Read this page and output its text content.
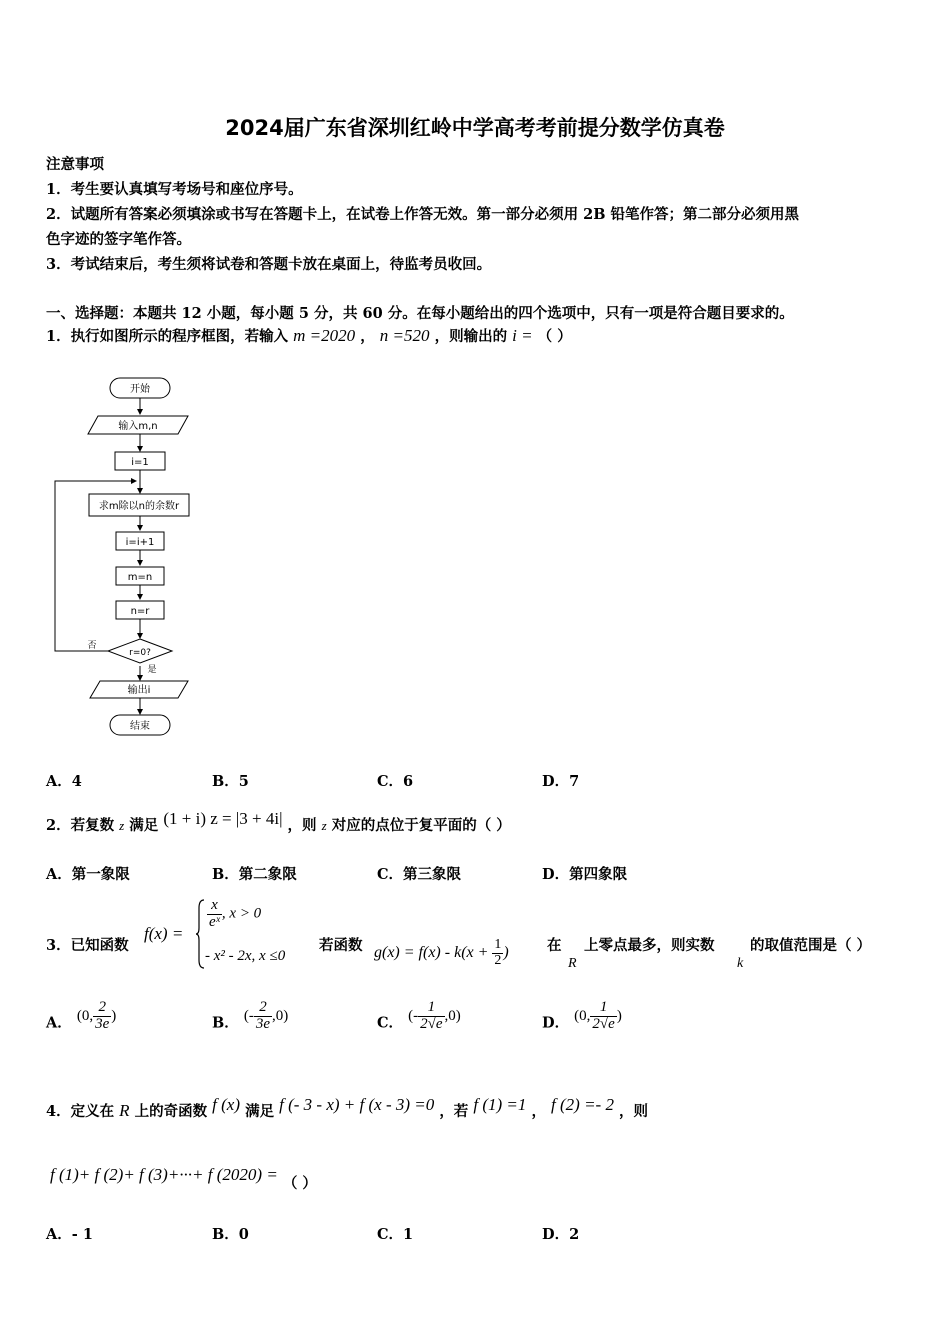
2024届广东省深圳红岭中学高考考前提分数学仿真卷
注意事项
1．考生要认真填写考场号和座位序号。
2．试题所有答案必须填涂或书写在答题卡上，在试卷上作答无效。第一部分必须用 2B 铅笔作答；第二部分必须用黑
色字迹的签字笔作答。
3．考试结束后，考生须将试卷和答题卡放在桌面上，待监考员收回。
一、选择题：本题共 12 小题，每小题 5 分，共 60 分。在每小题给出的四个选项中，只有一项是符合题目要求的。
1．执行如图所示的程序框图，若输入 m =2020 ， n =520 ，则输出的 i = （ ）
开始
输入m,n
i=1
求m除以n的余数r
i=i+1
m=n
n=r
r=0?
否
是
输出i
结束
A．4	B．5	C．6	D．7
2．若复数 z 满足 (1 + i) z = |3 + 4i| ，则 z 对应的点位于复平面的（ ）
A．第一象限	B．第二象限	C．第三象限	D．第四象限
3．已知函数
f(x) =
$\frac{x}{\text{eˣ}}$ , x > 0
- x² - 2x, x ≤0
若函数 $g(x) = f(x) - k(x + \frac{1}{2}$ )	在
R
上零点最多，则实数
k
的取值范围是（ ）
A． (0, $\frac{2}{3e}$ )	B． (- $\frac{2}{3e} ,0$)	C． (- $\frac{1}{2√e} ,0$)	D． (0, $\frac{1}{2√e}$ )
4．定义在 R 上的奇函数 f (x) 满足 f (- 3 - x) + f (x - 3) =0 ，若 f (1) =1 ， f (2) =- 2 ，则
f (1)+ f (2)+ f (3)+···+ f (2020) = （ ）
A．- 1	B．0	C．1	D．2
